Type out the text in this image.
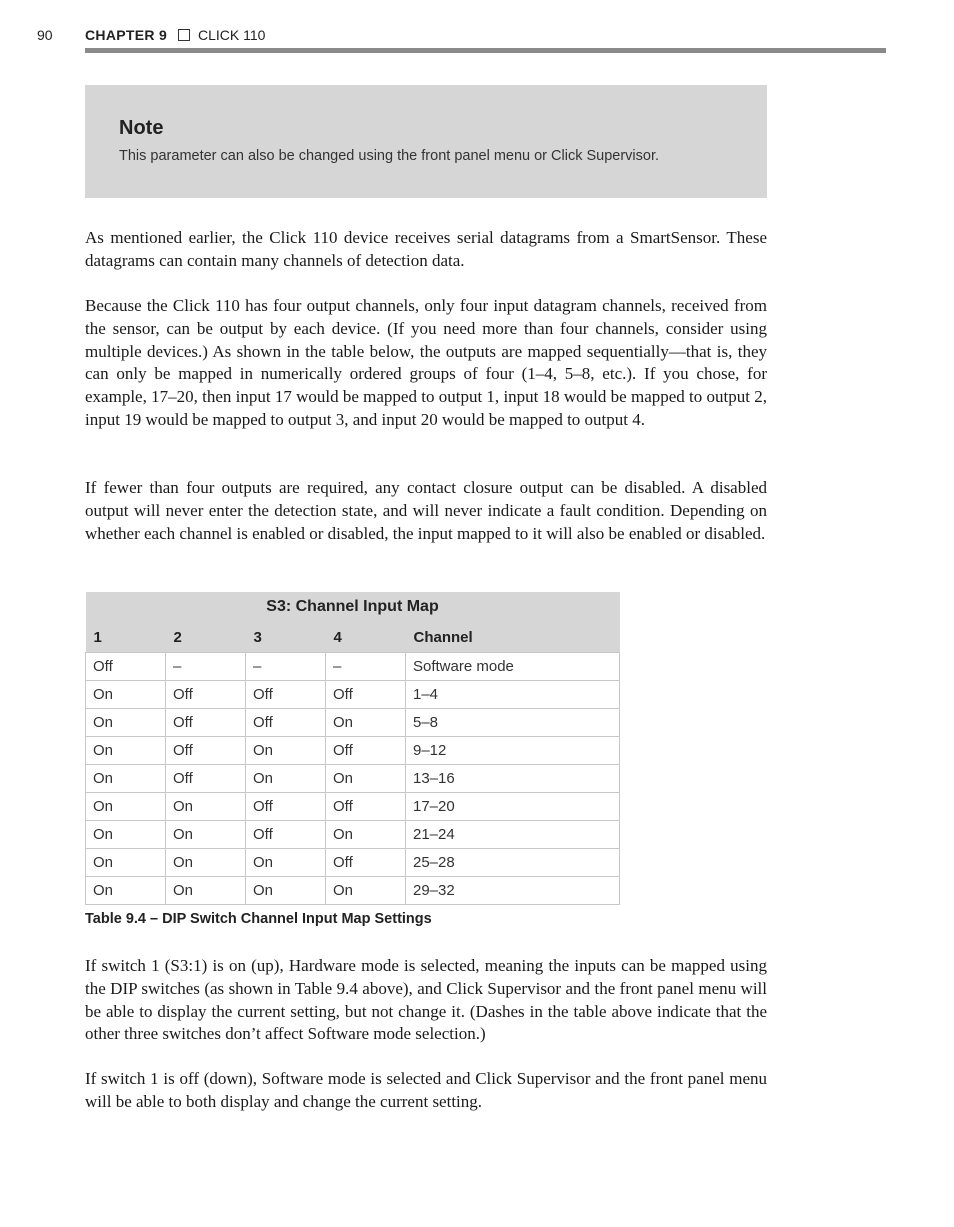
90 CHAPTER 9 CLICK 110
Note
This parameter can also be changed using the front panel menu or Click Supervisor.

As mentioned earlier, the Click 110 device receives serial datagrams from a SmartSensor. These datagrams can contain many channels of detection data.

Because the Click 110 has four output channels, only four input datagram channels, received from the sensor, can be output by each device. (If you need more than four channels, consider using multiple devices.) As shown in the table below, the outputs are mapped sequentially—that is, they can only be mapped in numerically ordered groups of four (1–4, 5–8, etc.). If you chose, for example, 17–20, then input 17 would be mapped to output 1, input 18 would be mapped to output 2, input 19 would be mapped to output 3, and input 20 would be mapped to output 4.

If fewer than four outputs are required, any contact closure output can be disabled. A disabled output will never enter the detection state, and will never indicate a fault condition. Depending on whether each channel is enabled or disabled, the input mapped to it will also be enabled or disabled.

S3: Channel Input Map				
1	2	3	4	Channel
Off	–	–	–	Software mode
On	Off	Off	Off	1–4
On	Off	Off	On	5–8
On	Off	On	Off	9–12
On	Off	On	On	13–16
On	On	Off	Off	17–20
On	On	Off	On	21–24
On	On	On	Off	25–28
On	On	On	On	29–32
Table 9.4 – DIP Switch Channel Input Map Settings

If switch 1 (S3:1) is on (up), Hardware mode is selected, meaning the inputs can be mapped using the DIP switches (as shown in Table 9.4 above), and Click Supervisor and the front panel menu will be able to display the current setting, but not change it. (Dashes in the table above indicate that the other three switches don’t affect Software mode selection.)

If switch 1 is off (down), Software mode is selected and Click Supervisor and the front panel menu will be able to both display and change the current setting.
